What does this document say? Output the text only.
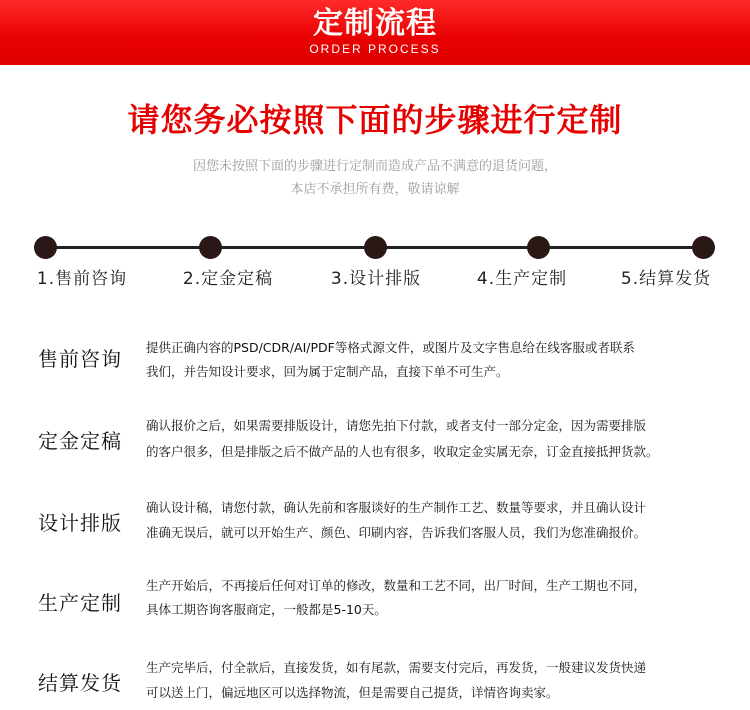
定制流程
ORDER PROCESS
请您务必按照下面的步骤进行定制
因您未按照下面的步骤进行定制而造成产品不满意的退货问题，
本店不承担所有费，敬请谅解
1.售前咨询	2.定金定稿	3.设计排版	4.生产定制	5.结算发货
售前咨询	提供正确内容的PSD/CDR/AI/PDF等格式源文件，或图片及文字售息给在线客服或者联系
我们，并告知设计要求，回为属于定制产品，直接下单不可生产。
定金定稿
确认报价之后，如果需要排版设计，请您先拍下付款，或者支付一部分定金，因为需要排版
的客户很多，但是排版之后不做产品的人也有很多，收取定金实属无奈，订金直接抵押货款。
设计排版
确认设计稿，请您付款，确认先前和客服谈好的生产制作工艺、数量等要求，并且确认设计
准确无误后，就可以开始生产、颜色、印刷内容，告诉我们客服人员，我们为您准确报价。
生产定制
生产开始后，不再接后任何对订单的修改，数量和工艺不同，出厂时间，生产工期也不同，
具体工期咨询客服商定，一般都是5-10天。
结算发货
生产完毕后，付全款后，直接发货，如有尾款，需要支付完后，再发货，一般建议发货快递
可以送上门，偏远地区可以选择物流，但是需要自己提货，详情咨询卖家。
